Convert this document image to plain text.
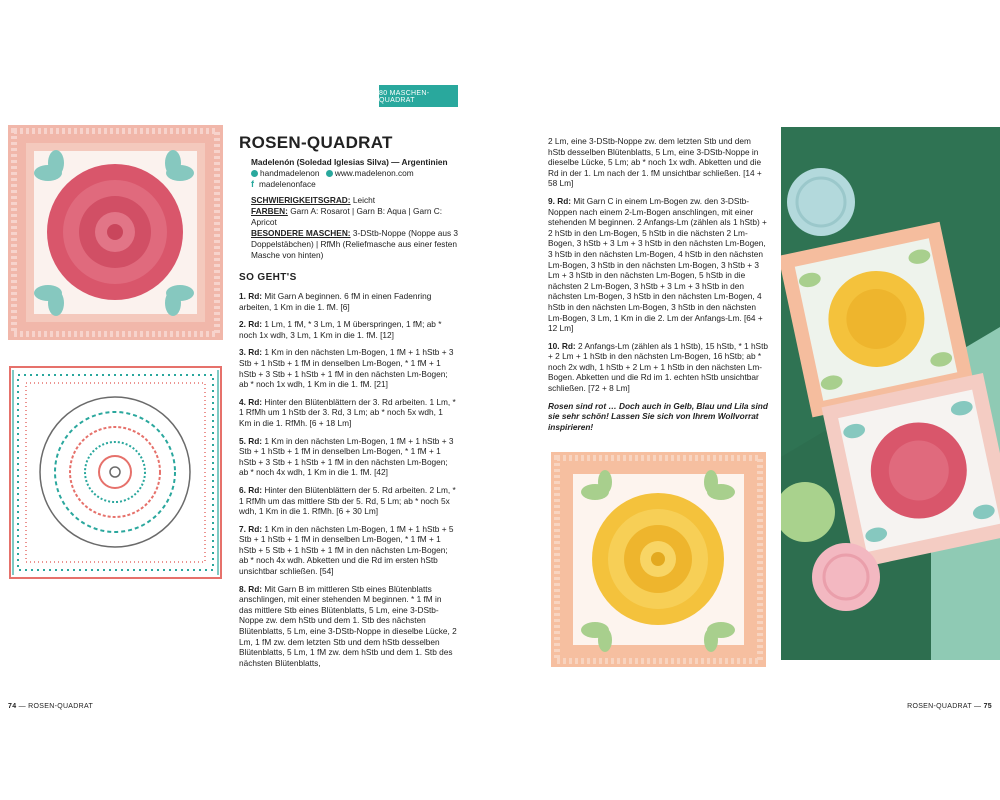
80 MASCHEN-QUADRAT
ROSEN-QUADRAT
Madelenón (Soledad Iglesias Silva) — Argentinien
handmadelenon www.madelenon.com
f madelenonface
SCHWIERIGKEITSGRAD: Leicht
FARBEN: Garn A: Rosarot | Garn B: Aqua | Garn C: Apricot
BESONDERE MASCHEN: 3-DStb-Noppe (Noppe aus 3 Doppelstäbchen) | RfMh (Reliefmasche aus einer festen Masche von hinten)
SO GEHT'S

1. Rd: Mit Garn A beginnen. 6 fM in einen Fadenring arbeiten, 1 Km in die 1. fM. [6]

2. Rd: 1 Lm, 1 fM, * 3 Lm, 1 M überspringen, 1 fM; ab * noch 1x wdh, 3 Lm, 1 Km in die 1. fM. [12]

3. Rd: 1 Km in den nächsten Lm-Bogen, 1 fM + 1 hStb + 3 Stb + 1 hStb + 1 fM in denselben Lm-Bogen, * 1 fM + 1 hStb + 3 Stb + 1 hStb + 1 fM in den nächsten Lm-Bogen; ab * noch 1x wdh, 1 Km in die 1. fM. [21]

4. Rd: Hinter den Blütenblättern der 3. Rd arbeiten. 1 Lm, * 1 RfMh um 1 hStb der 3. Rd, 3 Lm; ab * noch 5x wdh, 1 Km in die 1. RfMh. [6 + 18 Lm]

5. Rd: 1 Km in den nächsten Lm-Bogen, 1 fM + 1 hStb + 3 Stb + 1 hStb + 1 fM in denselben Lm-Bogen, * 1 fM + 1 hStb + 3 Stb + 1 hStb + 1 fM in den nächsten Lm-Bogen; ab * noch 4x wdh, 1 Km in die 1. fM. [42]

6. Rd: Hinter den Blütenblättern der 5. Rd arbeiten. 2 Lm, * 1 RfMh um das mittlere Stb der 5. Rd, 5 Lm; ab * noch 5x wdh, 1 Km in die 1. RfMh. [6 + 30 Lm]

7. Rd: 1 Km in den nächsten Lm-Bogen, 1 fM + 1 hStb + 5 Stb + 1 hStb + 1 fM in denselben Lm-Bogen, * 1 fM + 1 hStb + 5 Stb + 1 hStb + 1 fM in den nächsten Lm-Bogen; ab * noch 4x wdh. Abketten und die Rd im ersten hStb unsichtbar schließen. [54]

8. Rd: Mit Garn B im mittleren Stb eines Blütenblatts anschlingen, mit einer stehenden M beginnen. * 1 fM in das mittlere Stb eines Blütenblatts, 5 Lm, eine 3-DStb-Noppe zw. dem hStb und dem 1. Stb des nächsten Blütenblatts, 5 Lm, eine 3-DStb-Noppe in dieselbe Lücke, 2 Lm, 1 fM zw. dem letzten Stb und dem hStb desselben Blütenblatts, 5 Lm, 1 fM zw. dem hStb und dem 1. Stb des nächsten Blütenblatts,

2 Lm, eine 3-DStb-Noppe zw. dem letzten Stb und dem hStb desselben Blütenblatts, 5 Lm, eine 3-DStb-Noppe in dieselbe Lücke, 5 Lm; ab * noch 1x wdh. Abketten und die Rd in der 1. Lm nach der 1. fM unsichtbar schließen. [14 + 58 Lm]

9. Rd: Mit Garn C in einem Lm-Bogen zw. den 3-DStb-Noppen nach einem 2-Lm-Bogen anschlingen, mit einer stehenden M beginnen. 2 Anfangs-Lm (zählen als 1 hStb) + 2 hStb in den Lm-Bogen, 5 hStb in die nächsten 2 Lm-Bogen, 3 hStb + 3 Lm + 3 hStb in den nächsten Lm-Bogen, 3 hStb in den nächsten Lm-Bogen, 4 hStb in den nächsten Lm-Bogen, 3 hStb in den nächsten Lm-Bogen, 3 hStb + 3 Lm + 3 hStb in den nächsten Lm-Bogen, 5 hStb in die nächsten 2 Lm-Bogen, 3 hStb + 3 Lm + 3 hStb in den nächsten Lm-Bogen, 3 hStb in den nächsten Lm-Bogen, 4 hStb in den nächsten Lm-Bogen, 3 hStb in den nächsten Lm-Bogen, 3 Lm, 1 Km in die 2. Lm der Anfangs-Lm. [64 + 12 Lm]

10. Rd: 2 Anfangs-Lm (zählen als 1 hStb), 15 hStb, * 1 hStb + 2 Lm + 1 hStb in den nächsten Lm-Bogen, 16 hStb; ab * noch 2x wdh, 1 hStb + 2 Lm + 1 hStb in den nächsten Lm-Bogen. Abketten und die Rd im 1. echten hStb unsichtbar schließen. [72 + 8 Lm]

Rosen sind rot … Doch auch in Gelb, Blau und Lila sind sie sehr schön! Lassen Sie sich von Ihrem Wollvorrat inspirieren!

74 — ROSEN-QUADRAT	ROSEN-QUADRAT — 75
